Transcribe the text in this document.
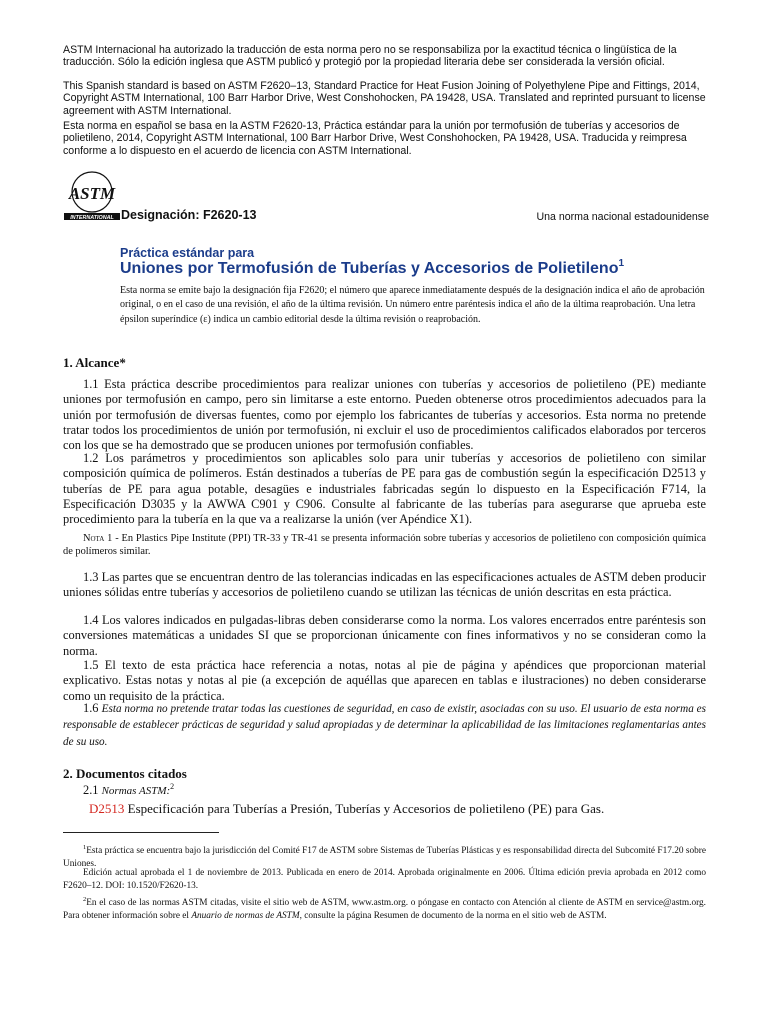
ASTM Internacional ha autorizado la traducción de esta norma pero no se responsabiliza por la exactitud técnica o lingüística de la traducción. Sólo la edición inglesa que ASTM publicó y protegió por la propiedad literaria debe ser considerada la versión oficial.

This Spanish standard is based on ASTM F2620–13, Standard Practice for Heat Fusion Joining of Polyethylene Pipe and Fittings, 2014, Copyright ASTM International, 100 Barr Harbor Drive, West Conshohocken, PA 19428, USA. Translated and reprinted pursuant to license agreement with ASTM International.

Esta norma en español se basa en la ASTM F2620-13, Práctica estándar para la unión por termofusión de tuberías y accesorios de polietileno, 2014, Copyright ASTM International, 100 Barr Harbor Drive, West Conshohocken, PA 19428, USA. Traducida y reimpresa conforme a lo dispuesto en el acuerdo de licencia con ASTM International.

ASTM
INTERNATIONAL Designación: F2620-13	Una norma nacional estadounidense
Práctica estándar para
Uniones por Termofusión de Tuberías y Accesorios de Polietileno$^1$

Esta norma se emite bajo la designación fija F2620; el número que aparece inmediatamente después de la designación indica el año de aprobación original, o en el caso de una revisión, el año de la última revisión. Un número entre paréntesis indica el año de la última reaprobación. Una letra épsilon superíndice (ε) indica un cambio editorial desde la última revisión o reaprobación.

1. Alcance*

1.1 Esta práctica describe procedimientos para realizar uniones con tuberías y accesorios de polietileno (PE) mediante uniones por termofusión en campo, pero sin limitarse a este entorno. Pueden obtenerse otros procedimientos adecuados para la unión por termofusión de diversas fuentes, como por ejemplo los fabricantes de tuberías y accesorios. Esta norma no pretende tratar todos los procedimientos de unión por termofusión, ni excluir el uso de procedimientos calificados elaborados por terceros con los que se ha demostrado que se producen uniones por termofusión confiables.

1.2 Los parámetros y procedimientos son aplicables solo para unir tuberías y accesorios de polietileno con similar composición química de polímeros. Están destinados a tuberías de PE para gas de combustión según la especificación D2513 y tuberías de PE para agua potable, desagües e industriales fabricadas según lo dispuesto en la Especificación F714, la Especificación D3035 y la AWWA C901 y C906. Consulte al fabricante de las tuberías para asegurarse que aprueba este procedimiento para la tubería en la que va a realizarse la unión (ver Apéndice X1).

Nota 1 - En Plastics Pipe Institute (PPI) TR-33 y TR-41 se presenta información sobre tuberías y accesorios de polietileno con composición química de polímeros similar.

1.3 Las partes que se encuentran dentro de las tolerancias indicadas en las especificaciones actuales de ASTM deben producir uniones sólidas entre tuberías y accesorios de polietileno cuando se utilizan las técnicas de unión descritas en esta práctica.

1.4 Los valores indicados en pulgadas-libras deben considerarse como la norma. Los valores encerrados entre paréntesis son conversiones matemáticas a unidades SI que se proporcionan únicamente con fines informativos y no se consideran como la norma.

1.5 El texto de esta práctica hace referencia a notas, notas al pie de página y apéndices que proporcionan material explicativo. Estas notas y notas al pie (a excepción de aquéllas que aparecen en tablas e ilustraciones) no deben considerarse como un requisito de la práctica.

1.6 Esta norma no pretende tratar todas las cuestiones de seguridad, en caso de existir, asociadas con su uso. El usuario de esta norma es responsable de establecer prácticas de seguridad y salud apropiadas y de determinar la aplicabilidad de las limitaciones reglamentarias antes de su uso.

2. Documentos citados
2.1 Normas ASTM:$^2$
D2513 Especificación para Tuberías a Presión, Tuberías y Accesorios de polietileno (PE) para Gas.

$^1$Esta práctica se encuentra bajo la jurisdicción del Comité F17 de ASTM sobre Sistemas de Tuberías Plásticas y es responsabilidad directa del Subcomité F17.20 sobre Uniones.

Edición actual aprobada el 1 de noviembre de 2013. Publicada en enero de 2014. Aprobada originalmente en 2006. Última edición previa aprobada en 2012 como F2620–12. DOI: 10.1520/F2620-13.

$^2$En el caso de las normas ASTM citadas, visite el sitio web de ASTM, www.astm.org. o póngase en contacto con Atención al cliente de ASTM en service@astm.org. Para obtener información sobre el Anuario de normas de ASTM, consulte la página Resumen de documento de la norma en el sitio web de ASTM.
